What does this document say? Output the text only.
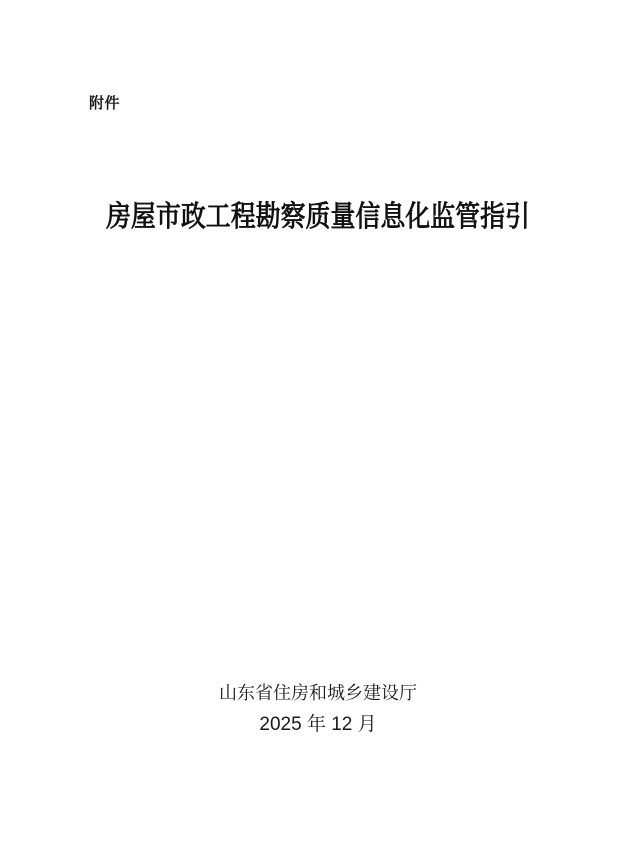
附件
房屋市政工程勘察质量信息化监管指引
山东省住房和城乡建设厅
2025 年 12 月
